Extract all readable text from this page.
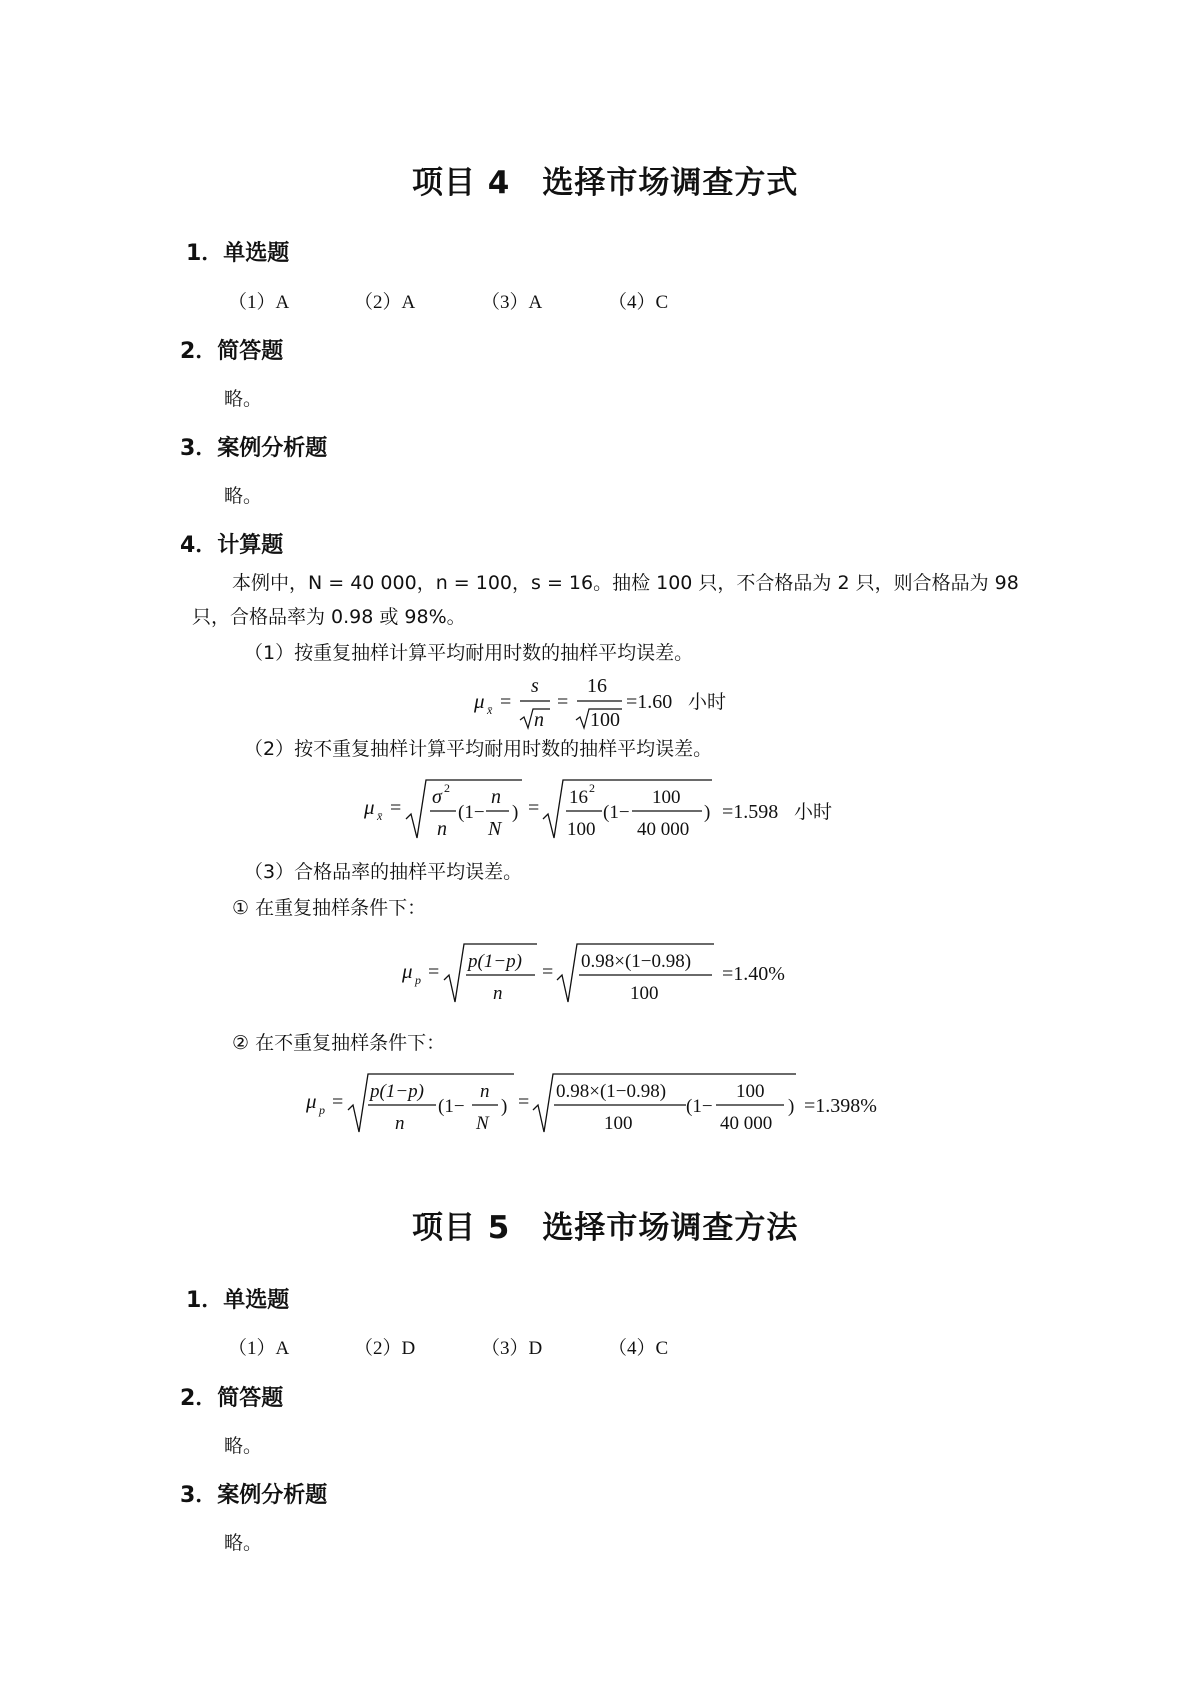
项目 4　选择市场调查方式
1．单选题
（1）A	（2）A	（3）A	（4）C
2．简答题
略。
3．案例分析题
略。
4．计算题
本例中，N = 40 000，n = 100，s = 16。抽检 100 只，不合格品为 2 只，则合格品为 98
只，合格品率为 0.98 或 98%。
（1）按重复抽样计算平均耐用时数的抽样平均误差。
μ x̄ =
s
n
=
16
100
=1.60 小时
（2）按不重复抽样计算平均耐用时数的抽样平均误差。
μ x̄ = σ 2
n
(1−
n
N
) = 16 2
100
(1−
100
40 000
) =1.598 小时
（3）合格品率的抽样平均误差。
① 在重复抽样条件下：
μ p = p(1−p)
n
= 0.98×(1−0.98)
100
=1.40%
② 在不重复抽样条件下：
μ p = p(1−p)
n
(1−
n
N
) = 0.98×(1−0.98)
100
(1−
100
40 000
) =1.398%
项目 5　选择市场调查方法
1．单选题
（1）A	（2）D	（3）D	（4）C
2．简答题
略。
3．案例分析题
略。
